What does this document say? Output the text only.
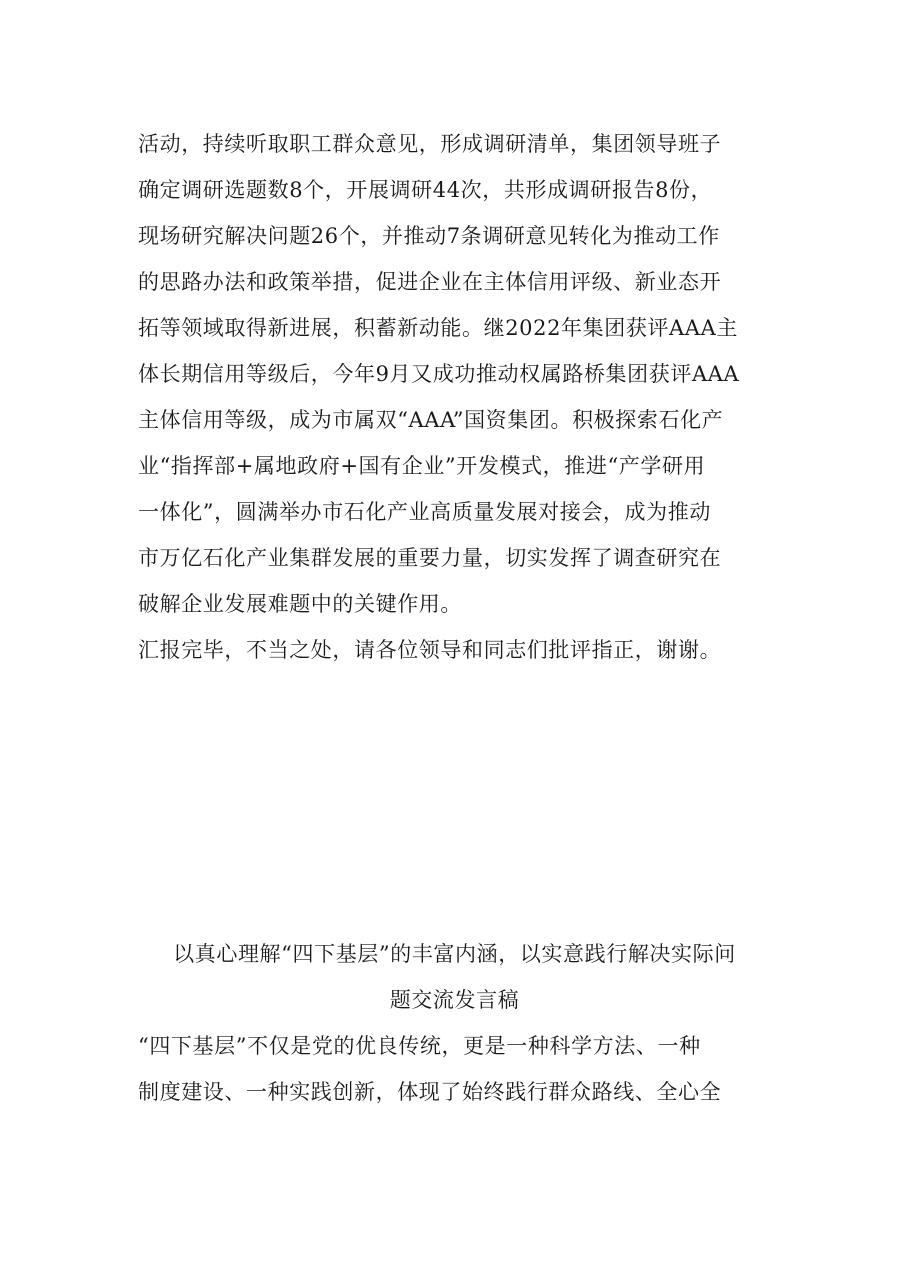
活动，持续听取职工群众意见，形成调研清单，集团领导班子
确定调研选题数8个，开展调研44次，共形成调研报告8份，
现场研究解决问题26个，并推动7条调研意见转化为推动工作
的思路办法和政策举措，促进企业在主体信用评级、新业态开
拓等领域取得新进展，积蓄新动能。继2022年集团获评AAA主
体长期信用等级后，今年9月又成功推动权属路桥集团获评AAA
主体信用等级，成为市属双“AAA”国资集团。积极探索石化产
业“指挥部+属地政府+国有企业”开发模式，推进“产学研用
一体化”，圆满举办市石化产业高质量发展对接会，成为推动
市万亿石化产业集群发展的重要力量，切实发挥了调查研究在
破解企业发展难题中的关键作用。
汇报完毕，不当之处，请各位领导和同志们批评指正，谢谢。
以真心理解“四下基层”的丰富内涵，以实意践行解决实际问
题交流发言稿
“四下基层”不仅是党的优良传统，更是一种科学方法、一种
制度建设、一种实践创新，体现了始终践行群众路线、全心全
